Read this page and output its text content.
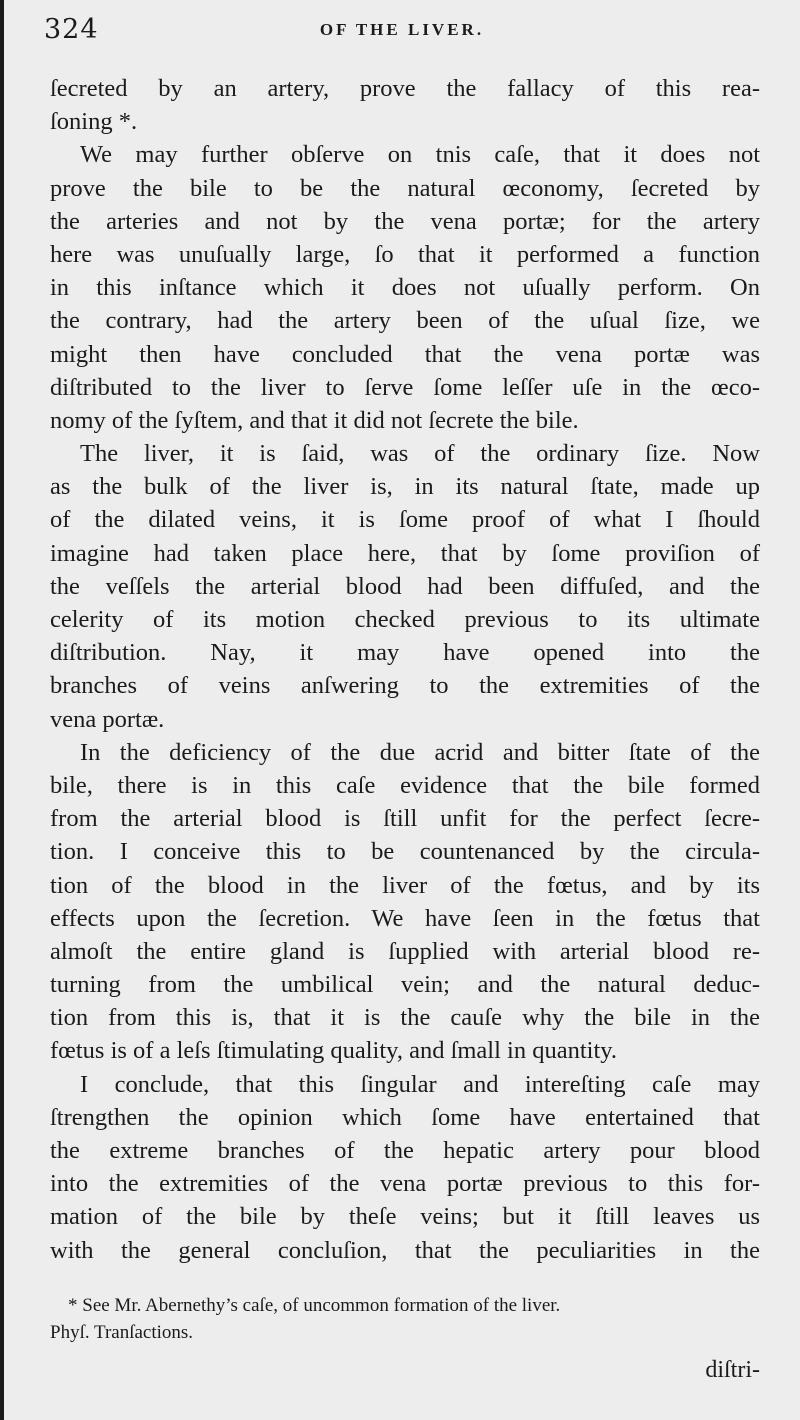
324	OF THE LIVER.
ſecreted by an artery, prove the fallacy of this rea-
ſoning *.
We may further obſerve on tnis caſe, that it does not
prove the bile to be the natural œconomy, ſecreted by
the arteries and not by the vena portæ; for the artery
here was unuſually large, ſo that it performed a function
in this inſtance which it does not uſually perform. On
the contrary, had the artery been of the uſual ſize, we
might then have concluded that the vena portæ was
diſtributed to the liver to ſerve ſome leſſer uſe in the œco-
nomy of the ſyſtem, and that it did not ſecrete the bile.
The liver, it is ſaid, was of the ordinary ſize. Now
as the bulk of the liver is, in its natural ſtate, made up
of the dilated veins, it is ſome proof of what I ſhould
imagine had taken place here, that by ſome proviſion of
the veſſels the arterial blood had been diffuſed, and the
celerity of its motion checked previous to its ultimate
diſtribution. Nay, it may have opened into the
branches of veins anſwering to the extremities of the
vena portæ.
In the deficiency of the due acrid and bitter ſtate of the
bile, there is in this caſe evidence that the bile formed
from the arterial blood is ſtill unfit for the perfect ſecre-
tion. I conceive this to be countenanced by the circula-
tion of the blood in the liver of the fœtus, and by its
effects upon the ſecretion. We have ſeen in the fœtus that
almoſt the entire gland is ſupplied with arterial blood re-
turning from the umbilical vein; and the natural deduc-
tion from this is, that it is the cauſe why the bile in the
fœtus is of a leſs ſtimulating quality, and ſmall in quantity.
I conclude, that this ſingular and intereſting caſe may
ſtrengthen the opinion which ſome have entertained that
the extreme branches of the hepatic artery pour blood
into the extremities of the vena portæ previous to this for-
mation of the bile by theſe veins; but it ſtill leaves us
with the general concluſion, that the peculiarities in the
* See Mr. Abernethy’s caſe, of uncommon formation of the liver.
Phyſ. Tranſactions.
diſtri-
